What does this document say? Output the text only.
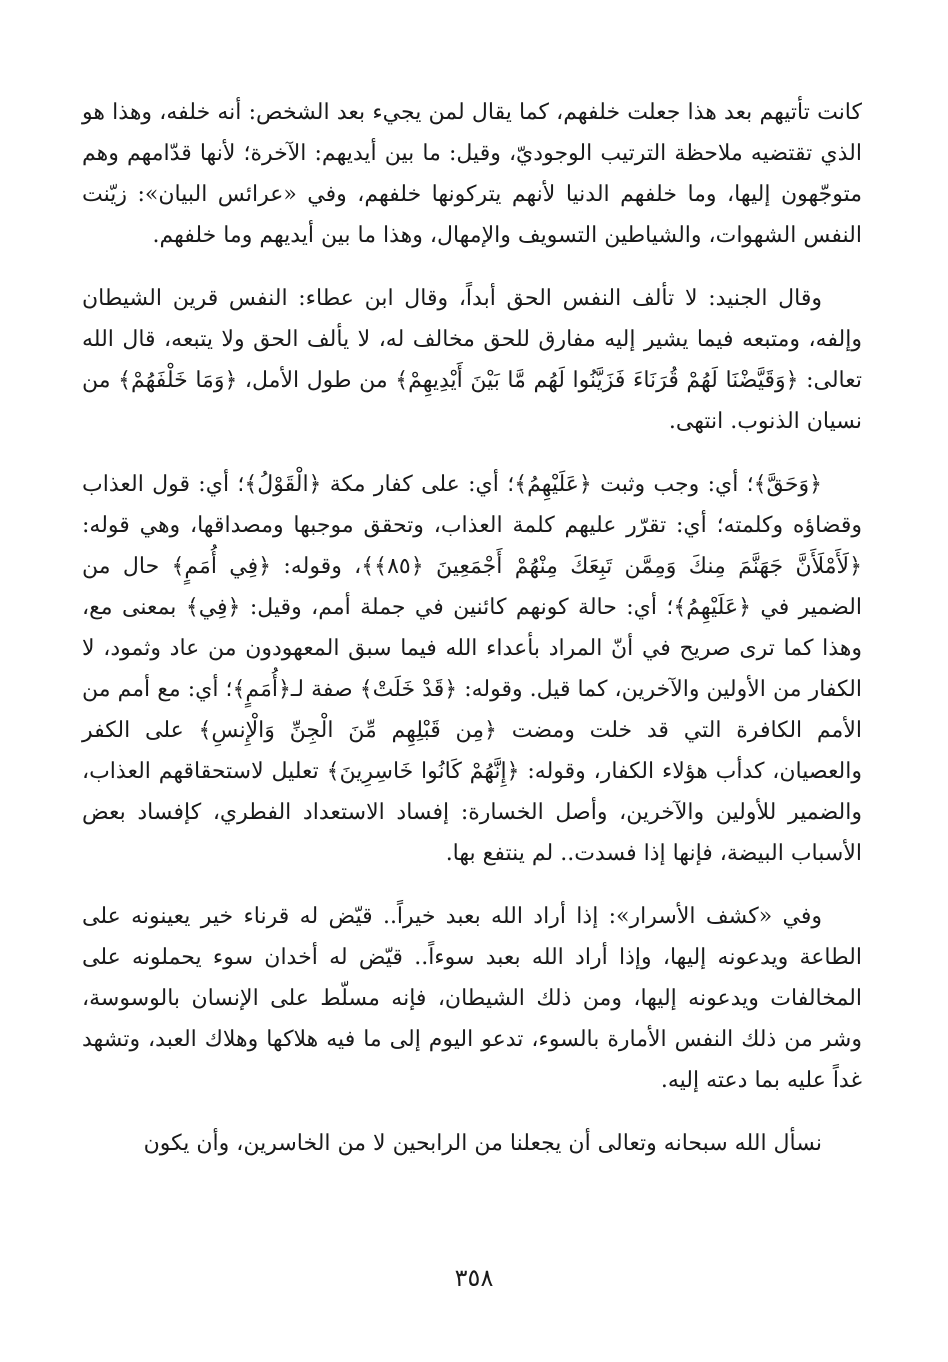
كانت تأتيهم بعد هذا جعلت خلفهم، كما يقال لمن يجيء بعد الشخص: أنه خلفه، وهذا هو الذي تقتضيه ملاحظة الترتيب الوجوديّ، وقيل: ما بين أيديهم: الآخرة؛ لأنها قدّامهم وهم متوجّهون إليها، وما خلفهم الدنيا لأنهم يتركونها خلفهم، وفي «عرائس البيان»: زيّنت النفس الشهوات، والشياطين التسويف والإمهال، وهذا ما بين أيديهم وما خلفهم.

وقال الجنيد: لا تألف النفس الحق أبداً، وقال ابن عطاء: النفس قرين الشيطان وإلفه، ومتبعه فيما يشير إليه مفارق للحق مخالف له، لا يألف الحق ولا يتبعه، قال الله تعالى: ﴿وَقَيَّضْنَا لَهُمْ قُرَنَاءَ فَزَيَّنُوا لَهُم مَّا بَيْنَ أَيْدِيهِمْ﴾ من طول الأمل، ﴿وَمَا خَلْفَهُمْ﴾ من نسيان الذنوب. انتهى.

﴿وَحَقَّ﴾؛ أي: وجب وثبت ﴿عَلَيْهِمُ﴾؛ أي: على كفار مكة ﴿الْقَوْلُ﴾؛ أي: قول العذاب وقضاؤه وكلمته؛ أي: تقرّر عليهم كلمة العذاب، وتحقق موجبها ومصداقها، وهي قوله: ﴿لَأَمْلَأَنَّ جَهَنَّمَ مِنكَ وَمِمَّن تَبِعَكَ مِنْهُمْ أَجْمَعِينَ ﴿٨٥﴾﴾، وقوله: ﴿فِي أُمَمٍ﴾ حال من الضمير في ﴿عَلَيْهِمُ﴾؛ أي: حالة كونهم كائنين في جملة أمم، وقيل: ﴿فِي﴾ بمعنى مع، وهذا كما ترى صريح في أنّ المراد بأعداء الله فيما سبق المعهودون من عاد وثمود، لا الكفار من الأولين والآخرين، كما قيل. وقوله: ﴿قَدْ خَلَتْ﴾ صفة لـ﴿أُمَمٍ﴾؛ أي: مع أمم من الأمم الكافرة التي قد خلت ومضت ﴿مِن قَبْلِهِم مِّنَ الْجِنِّ وَالْإِنسِ﴾ على الكفر والعصيان، كدأب هؤلاء الكفار، وقوله: ﴿إِنَّهُمْ كَانُوا خَاسِرِينَ﴾ تعليل لاستحقاقهم العذاب، والضمير للأولين والآخرين، وأصل الخسارة: إفساد الاستعداد الفطري، كإفساد بعض الأسباب البيضة، فإنها إذا فسدت.. لم ينتفع بها.

وفي «كشف الأسرار»: إذا أراد الله بعبد خيراً.. قيّض له قرناء خير يعينونه على الطاعة ويدعونه إليها، وإذا أراد الله بعبد سوءاً.. قيّض له أخدان سوء يحملونه على المخالفات ويدعونه إليها، ومن ذلك الشيطان، فإنه مسلّط على الإنسان بالوسوسة، وشر من ذلك النفس الأمارة بالسوء، تدعو اليوم إلى ما فيه هلاكها وهلاك العبد، وتشهد غداً عليه بما دعته إليه.

نسأل الله سبحانه وتعالى أن يجعلنا من الرابحين لا من الخاسرين، وأن يكون

٣٥٨
